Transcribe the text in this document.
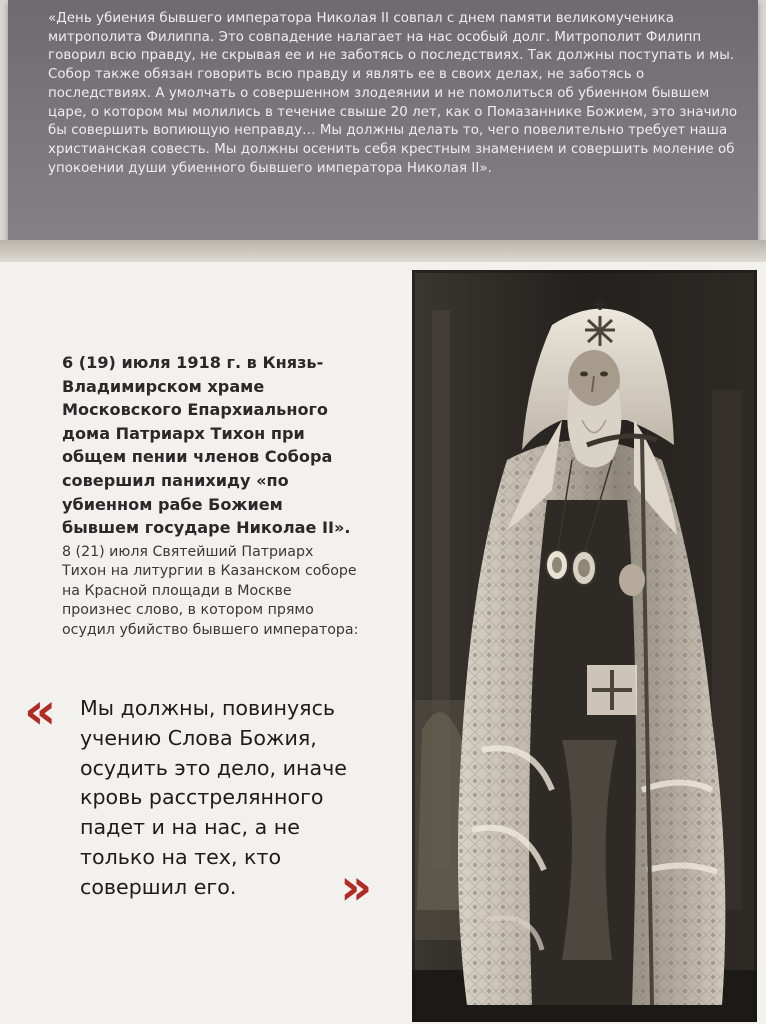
«День убиения бывшего императора Николая II совпал с днем памяти великомученика митрополита Филиппа. Это совпадение налагает на нас особый долг. Митрополит Филипп говорил всю правду, не скрывая ее и не заботясь о последствиях. Так должны поступать и мы. Собор также обязан говорить всю правду и являть ее в своих делах, не заботясь о последствиях. А умолчать о совершенном злодеянии и не помолиться об убиенном бывшем царе, о котором мы молились в течение свыше 20 лет, как о Помазаннике Божием, это значило бы совершить вопиющую неправду… Мы должны делать то, чего повелительно требует наша христианская совесть. Мы должны осенить себя крестным знамением и совершить моление об упокоении души убиенного бывшего императора Николая II».

6 (19) июля 1918 г. в Князь-Владимирском храме Московского Епархиального дома Патриарх Тихон при общем пении членов Собора совершил панихиду «по убиенном рабе Божием бывшем государе Николае II».

8 (21) июля Святейший Патриарх Тихон на литургии в Казанском соборе на Красной площади в Москве произнес слово, в котором прямо осудил убийство бывшего императора:

« Мы должны, повинуясь учению Слова Божия, осудить это дело, иначе кровь расстрелянного падет и на нас, а не только на тех, кто совершил его.	»
